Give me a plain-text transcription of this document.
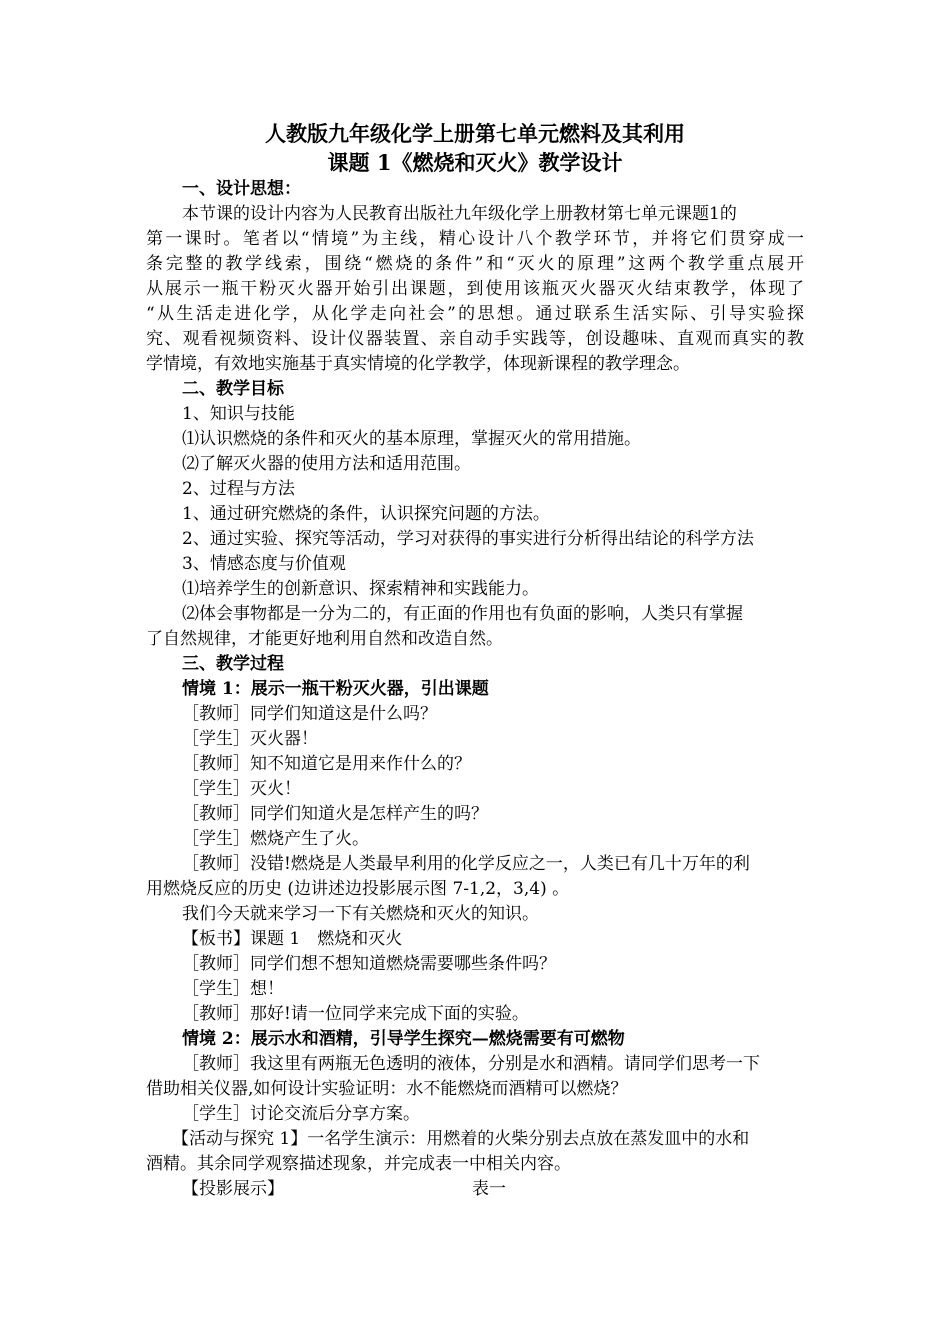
人教版九年级化学上册第七单元燃料及其利用
课题 1《燃烧和灭火》教学设计
一、设计思想：
本节课的设计内容为人民教育出版社九年级化学上册教材第七单元课题1的
第一课时。笔者以“情境”为主线，精心设计八个教学环节，并将它们贯穿成一
条完整的教学线索，围绕“燃烧的条件”和“灭火的原理”这两个教学重点展开
从展示一瓶干粉灭火器开始引出课题，到使用该瓶灭火器灭火结束教学，体现了
“从生活走进化学，从化学走向社会”的思想。通过联系生活实际、引导实验探
究、观看视频资料、设计仪器装置、亲自动手实践等，创设趣味、直观而真实的教
学情境，有效地实施基于真实情境的化学教学，体现新课程的教学理念。
二、教学目标
1、知识与技能
⑴认识燃烧的条件和灭火的基本原理，掌握灭火的常用措施。
⑵了解灭火器的使用方法和适用范围。
2、过程与方法
1、通过研究燃烧的条件，认识探究问题的方法。
2、通过实验、探究等活动，学习对获得的事实进行分析得出结论的科学方法
3、情感态度与价值观
⑴培养学生的创新意识、探索精神和实践能力。
⑵体会事物都是一分为二的，有正面的作用也有负面的影响，人类只有掌握
了自然规律，才能更好地利用自然和改造自然。
三、教学过程
情境 1：展示一瓶干粉灭火器，引出课题
［教师］同学们知道这是什么吗？
［学生］灭火器！
［教师］知不知道它是用来作什么的？
［学生］灭火！
［教师］同学们知道火是怎样产生的吗？
［学生］燃烧产生了火。
［教师］没错!燃烧是人类最早利用的化学反应之一，人类已有几十万年的利
用燃烧反应的历史 (边讲述边投影展示图 7-1,2，3,4) 。
我们今天就来学习一下有关燃烧和灭火的知识。
【板书】课题 1　燃烧和灭火
［教师］同学们想不想知道燃烧需要哪些条件吗？
［学生］想！
［教师］那好!请一位同学来完成下面的实验。
情境 2：展示水和酒精，引导学生探究—燃烧需要有可燃物
［教师］我这里有两瓶无色透明的液体，分别是水和酒精。请同学们思考一下
借助相关仪器,如何设计实验证明：水不能燃烧而酒精可以燃烧？
［学生］讨论交流后分享方案。
【活动与探究 1】一名学生演示：用燃着的火柴分别去点放在蒸发皿中的水和
酒精。其余同学观察描述现象，并完成表一中相关内容。
【投影展示】	表一
